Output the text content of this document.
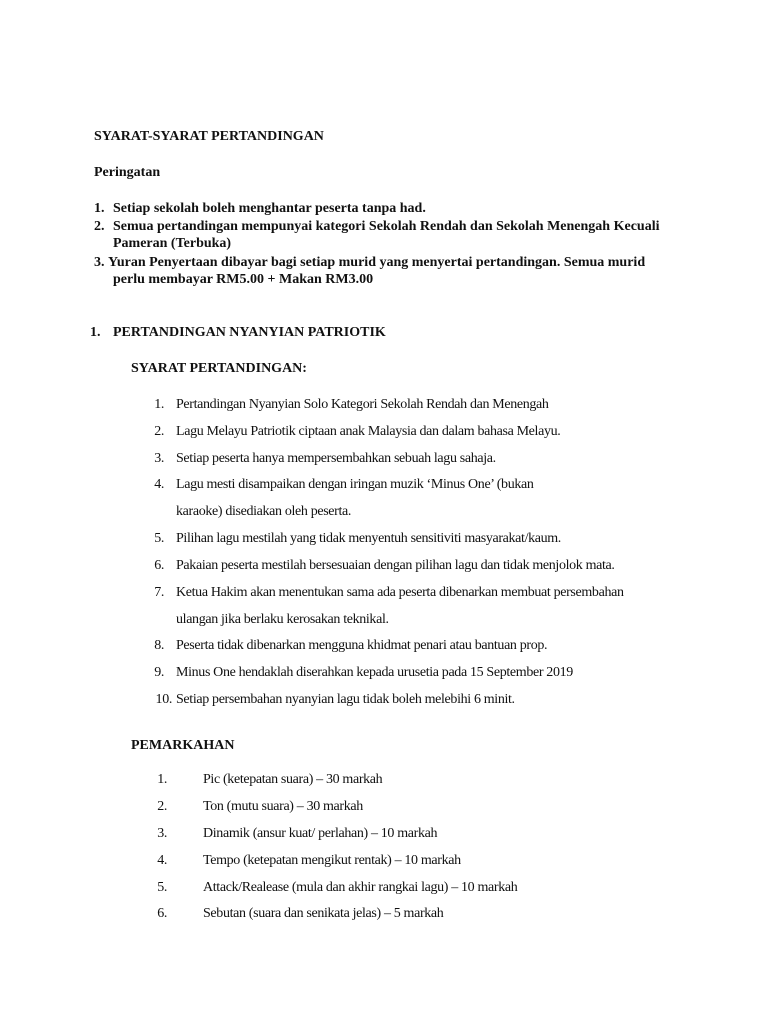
SYARAT-SYARAT PERTANDINGAN
Peringatan
1. Setiap sekolah boleh menghantar peserta tanpa had.
2. Semua pertandingan mempunyai kategori Sekolah Rendah dan Sekolah Menengah Kecuali
Pameran (Terbuka)
3. Yuran Penyertaan dibayar bagi setiap murid yang menyertai pertandingan. Semua murid
perlu membayar RM5.00 + Makan RM3.00
1. PERTANDINGAN NYANYIAN PATRIOTIK
SYARAT PERTANDINGAN:
1. Pertandingan Nyanyian Solo Kategori Sekolah Rendah dan Menengah
2. Lagu Melayu Patriotik ciptaan anak Malaysia dan dalam bahasa Melayu.
3. Setiap peserta hanya mempersembahkan sebuah lagu sahaja.
4. Lagu mesti disampaikan dengan iringan muzik ‘Minus One’ (bukan
karaoke) disediakan oleh peserta.
5. Pilihan lagu mestilah yang tidak menyentuh sensitiviti masyarakat/kaum.
6. Pakaian peserta mestilah bersesuaian dengan pilihan lagu dan tidak menjolok mata.
7. Ketua Hakim akan menentukan sama ada peserta dibenarkan membuat persembahan
ulangan jika berlaku kerosakan teknikal.
8. Peserta tidak dibenarkan mengguna khidmat penari atau bantuan prop.
9. Minus One hendaklah diserahkan kepada urusetia pada 15 September 2019
10. Setiap persembahan nyanyian lagu tidak boleh melebihi 6 minit.
PEMARKAHAN
1.	Pic (ketepatan suara) – 30 markah
2.	Ton (mutu suara) – 30 markah
3.	Dinamik (ansur kuat/ perlahan) – 10 markah
4.	Tempo (ketepatan mengikut rentak) – 10 markah
5.	Attack/Realease (mula dan akhir rangkai lagu) – 10 markah
6.	Sebutan (suara dan senikata jelas) – 5 markah
